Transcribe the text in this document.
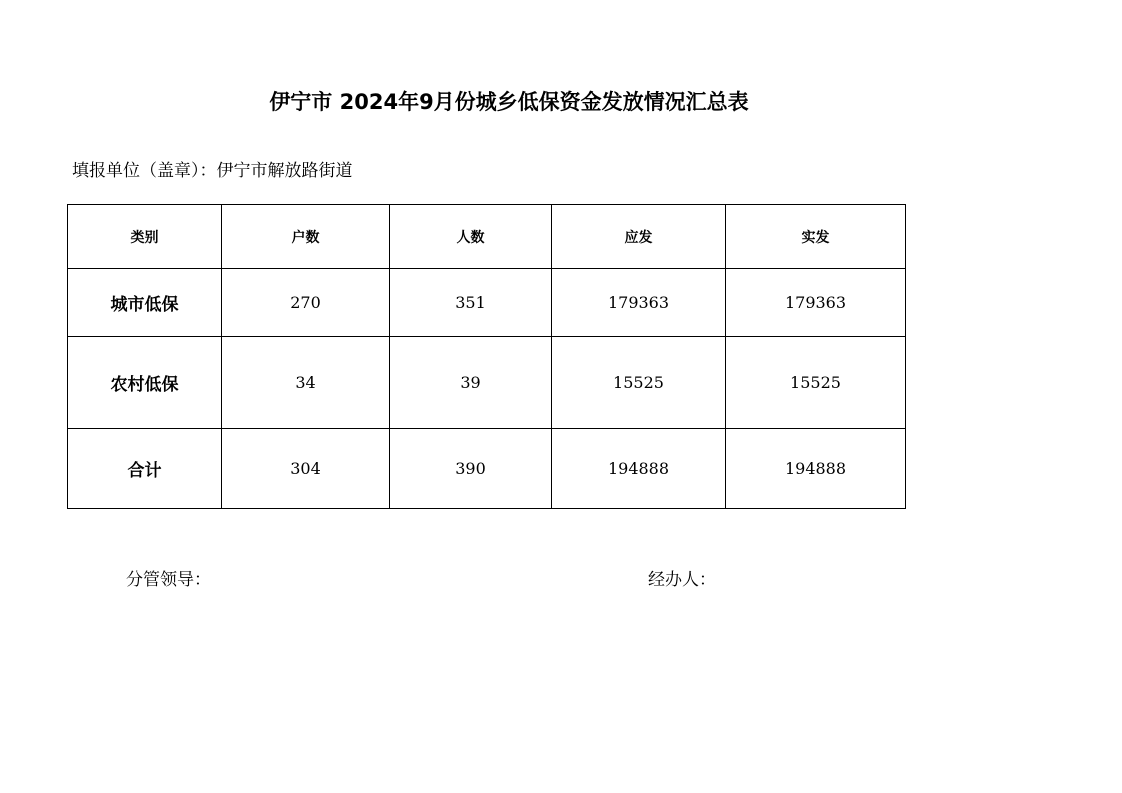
伊宁市 2024年9月份城乡低保资金发放情况汇总表
填报单位（盖章）：伊宁市解放路街道
类别	户数	人数	应发	实发
城市低保	270	351	179363	179363
农村低保	34	39	15525	15525
合计	304	390	194888	194888
分管领导：	经办人：
